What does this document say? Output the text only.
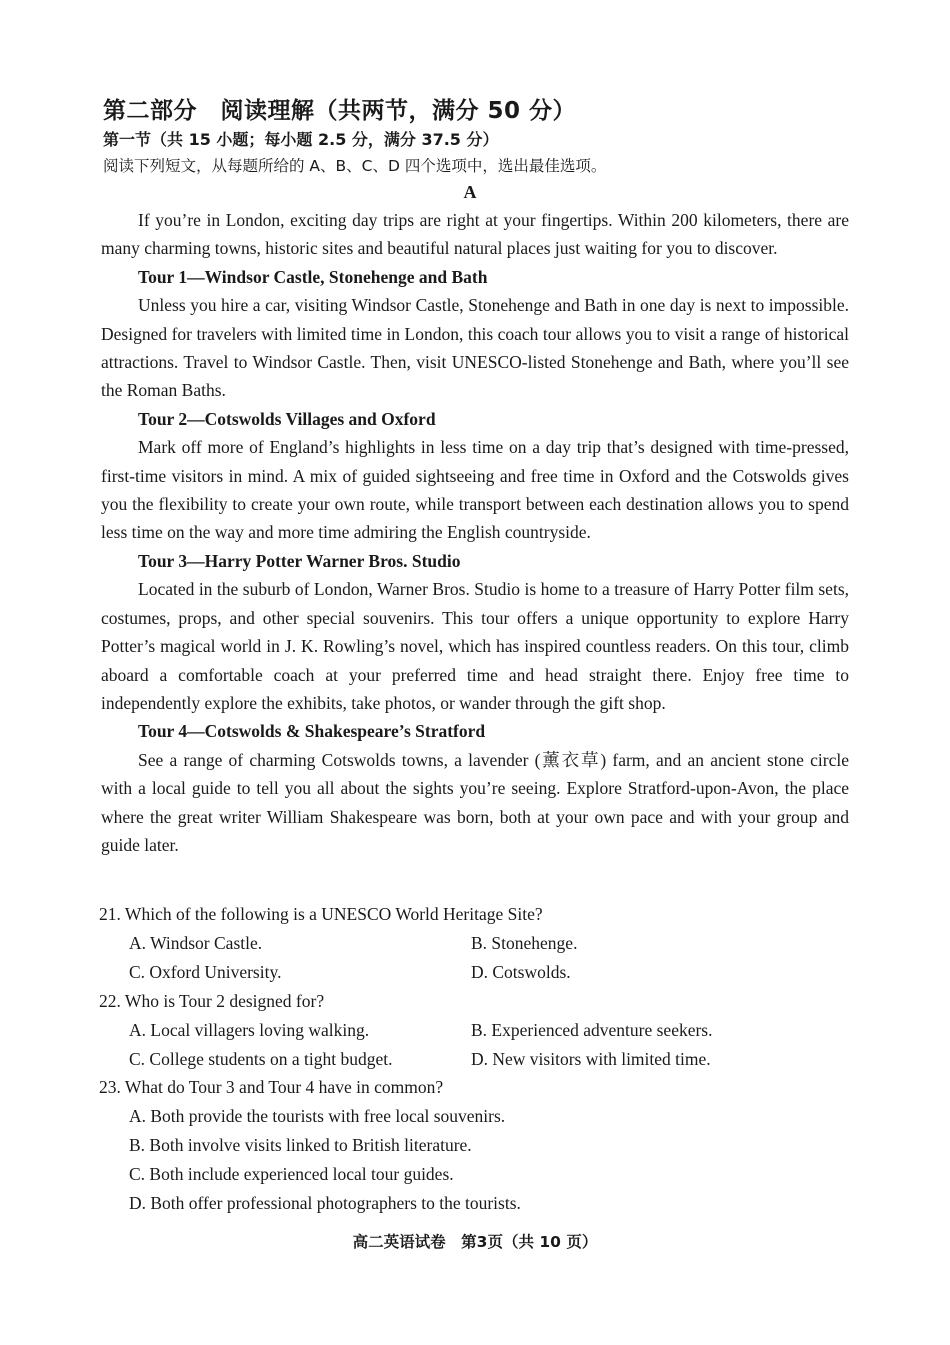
第二部分　阅读理解（共两节，满分 50 分）
第一节（共 15 小题；每小题 2.5 分，满分 37.5 分）
阅读下列短文，从每题所给的 A、B、C、D 四个选项中，选出最佳选项。
A

If you’re in London, exciting day trips are right at your fingertips. Within 200 kilometers, there are many charming towns, historic sites and beautiful natural places just waiting for you to discover.

Tour 1—Windsor Castle, Stonehenge and Bath

Unless you hire a car, visiting Windsor Castle, Stonehenge and Bath in one day is next to impossible. Designed for travelers with limited time in London, this coach tour allows you to visit a range of historical attractions. Travel to Windsor Castle. Then, visit UNESCO-listed Stonehenge and Bath, where you’ll see the Roman Baths.

Tour 2—Cotswolds Villages and Oxford

Mark off more of England’s highlights in less time on a day trip that’s designed with time-pressed, first-time visitors in mind. A mix of guided sightseeing and free time in Oxford and the Cotswolds gives you the flexibility to create your own route, while transport between each destination allows you to spend less time on the way and more time admiring the English countryside.

Tour 3—Harry Potter Warner Bros. Studio

Located in the suburb of London, Warner Bros. Studio is home to a treasure of Harry Potter film sets, costumes, props, and other special souvenirs. This tour offers a unique opportunity to explore Harry Potter’s magical world in J. K. Rowling’s novel, which has inspired countless readers. On this tour, climb aboard a comfortable coach at your preferred time and head straight there. Enjoy free time to independently explore the exhibits, take photos, or wander through the gift shop.

Tour 4—Cotswolds & Shakespeare’s Stratford

See a range of charming Cotswolds towns, a lavender (薰衣草) farm, and an ancient stone circle with a local guide to tell you all about the sights you’re seeing. Explore Stratford-upon-Avon, the place where the great writer William Shakespeare was born, both at your own pace and with your group and guide later.

21. Which of the following is a UNESCO World Heritage Site?
A. Windsor Castle.	B. Stonehenge.
C. Oxford University.	D. Cotswolds.
22. Who is Tour 2 designed for?
A. Local villagers loving walking.	B. Experienced adventure seekers.
C. College students on a tight budget.	D. New visitors with limited time.
23. What do Tour 3 and Tour 4 have in common?
A. Both provide the tourists with free local souvenirs.
B. Both involve visits linked to British literature.
C. Both include experienced local tour guides.
D. Both offer professional photographers to the tourists.
高二英语试卷　第3页（共 10 页）
